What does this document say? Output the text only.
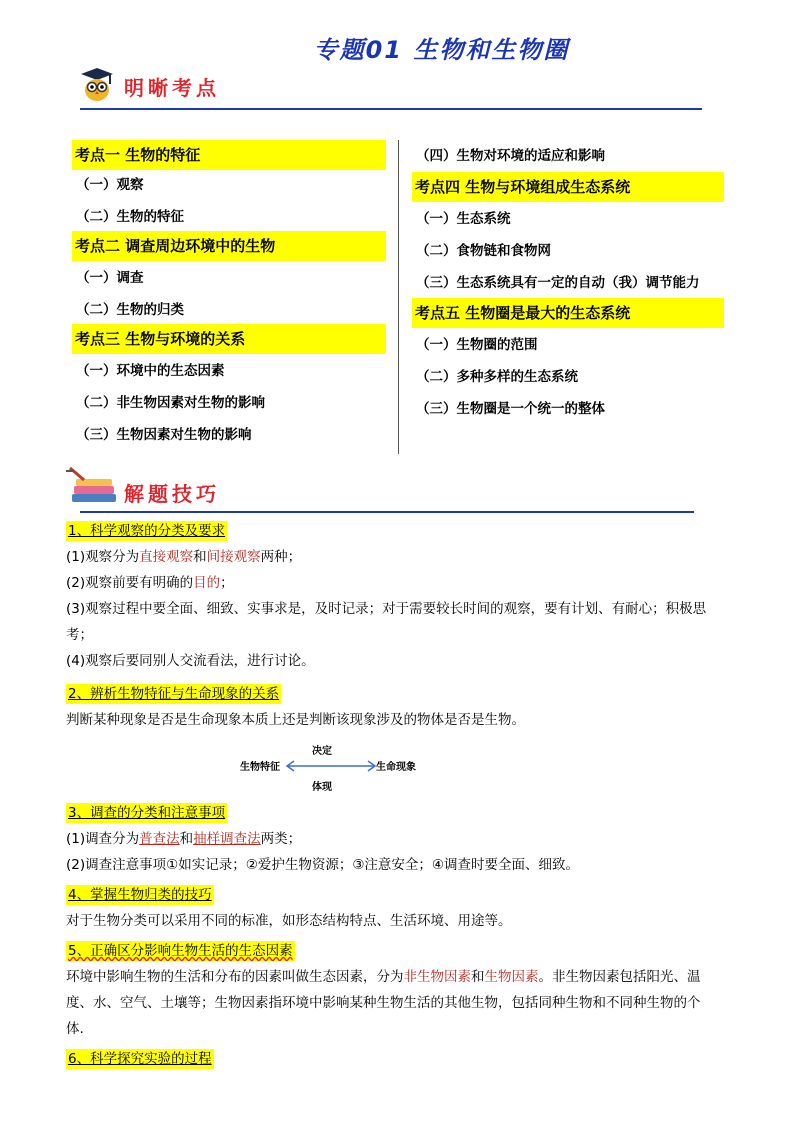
专题01 生物和生物圈
明晰考点
考点一 生物的特征
（一）观察
（二）生物的特征
考点二 调查周边环境中的生物
（一）调查
（二）生物的归类
考点三 生物与环境的关系
（一）环境中的生态因素
（二）非生物因素对生物的影响
（三）生物因素对生物的影响
（四）生物对环境的适应和影响
考点四 生物与环境组成生态系统
（一）生态系统
（二）食物链和食物网
（三）生态系统具有一定的自动（我）调节能力
考点五 生物圈是最大的生态系统
（一）生物圈的范围
（二）多种多样的生态系统
（三）生物圈是一个统一的整体
解题技巧
1、科学观察的分类及要求
(1)观察分为直接观察和间接观察两种；
(2)观察前要有明确的目的；
(3)观察过程中要全面、细致、实事求是，及时记录；对于需要较长时间的观察，要有计划、有耐心；积极思
考；
(4)观察后要同别人交流看法，进行讨论。
2、辨析生物特征与生命现象的关系
判断某种现象是否是生命现象本质上还是判断该现象涉及的物体是否是生物。
决定
生物特征	生命现象
体现
3、调查的分类和注意事项
(1)调查分为普查法和抽样调查法两类；
(2)调查注意事项①如实记录；②爱护生物资源；③注意安全；④调查时要全面、细致。
4、掌握生物归类的技巧
对于生物分类可以采用不同的标准，如形态结构特点、生活环境、用途等。
5、正确区分影响生物生活的生态因素
环境中影响生物的生活和分布的因素叫做生态因素，分为非生物因素和生物因素。非生物因素包括阳光、温
度、水、空气、土壤等；生物因素指环境中影响某种生物生活的其他生物，包括同种生物和不同种生物的个
体.
6、科学探究实验的过程
